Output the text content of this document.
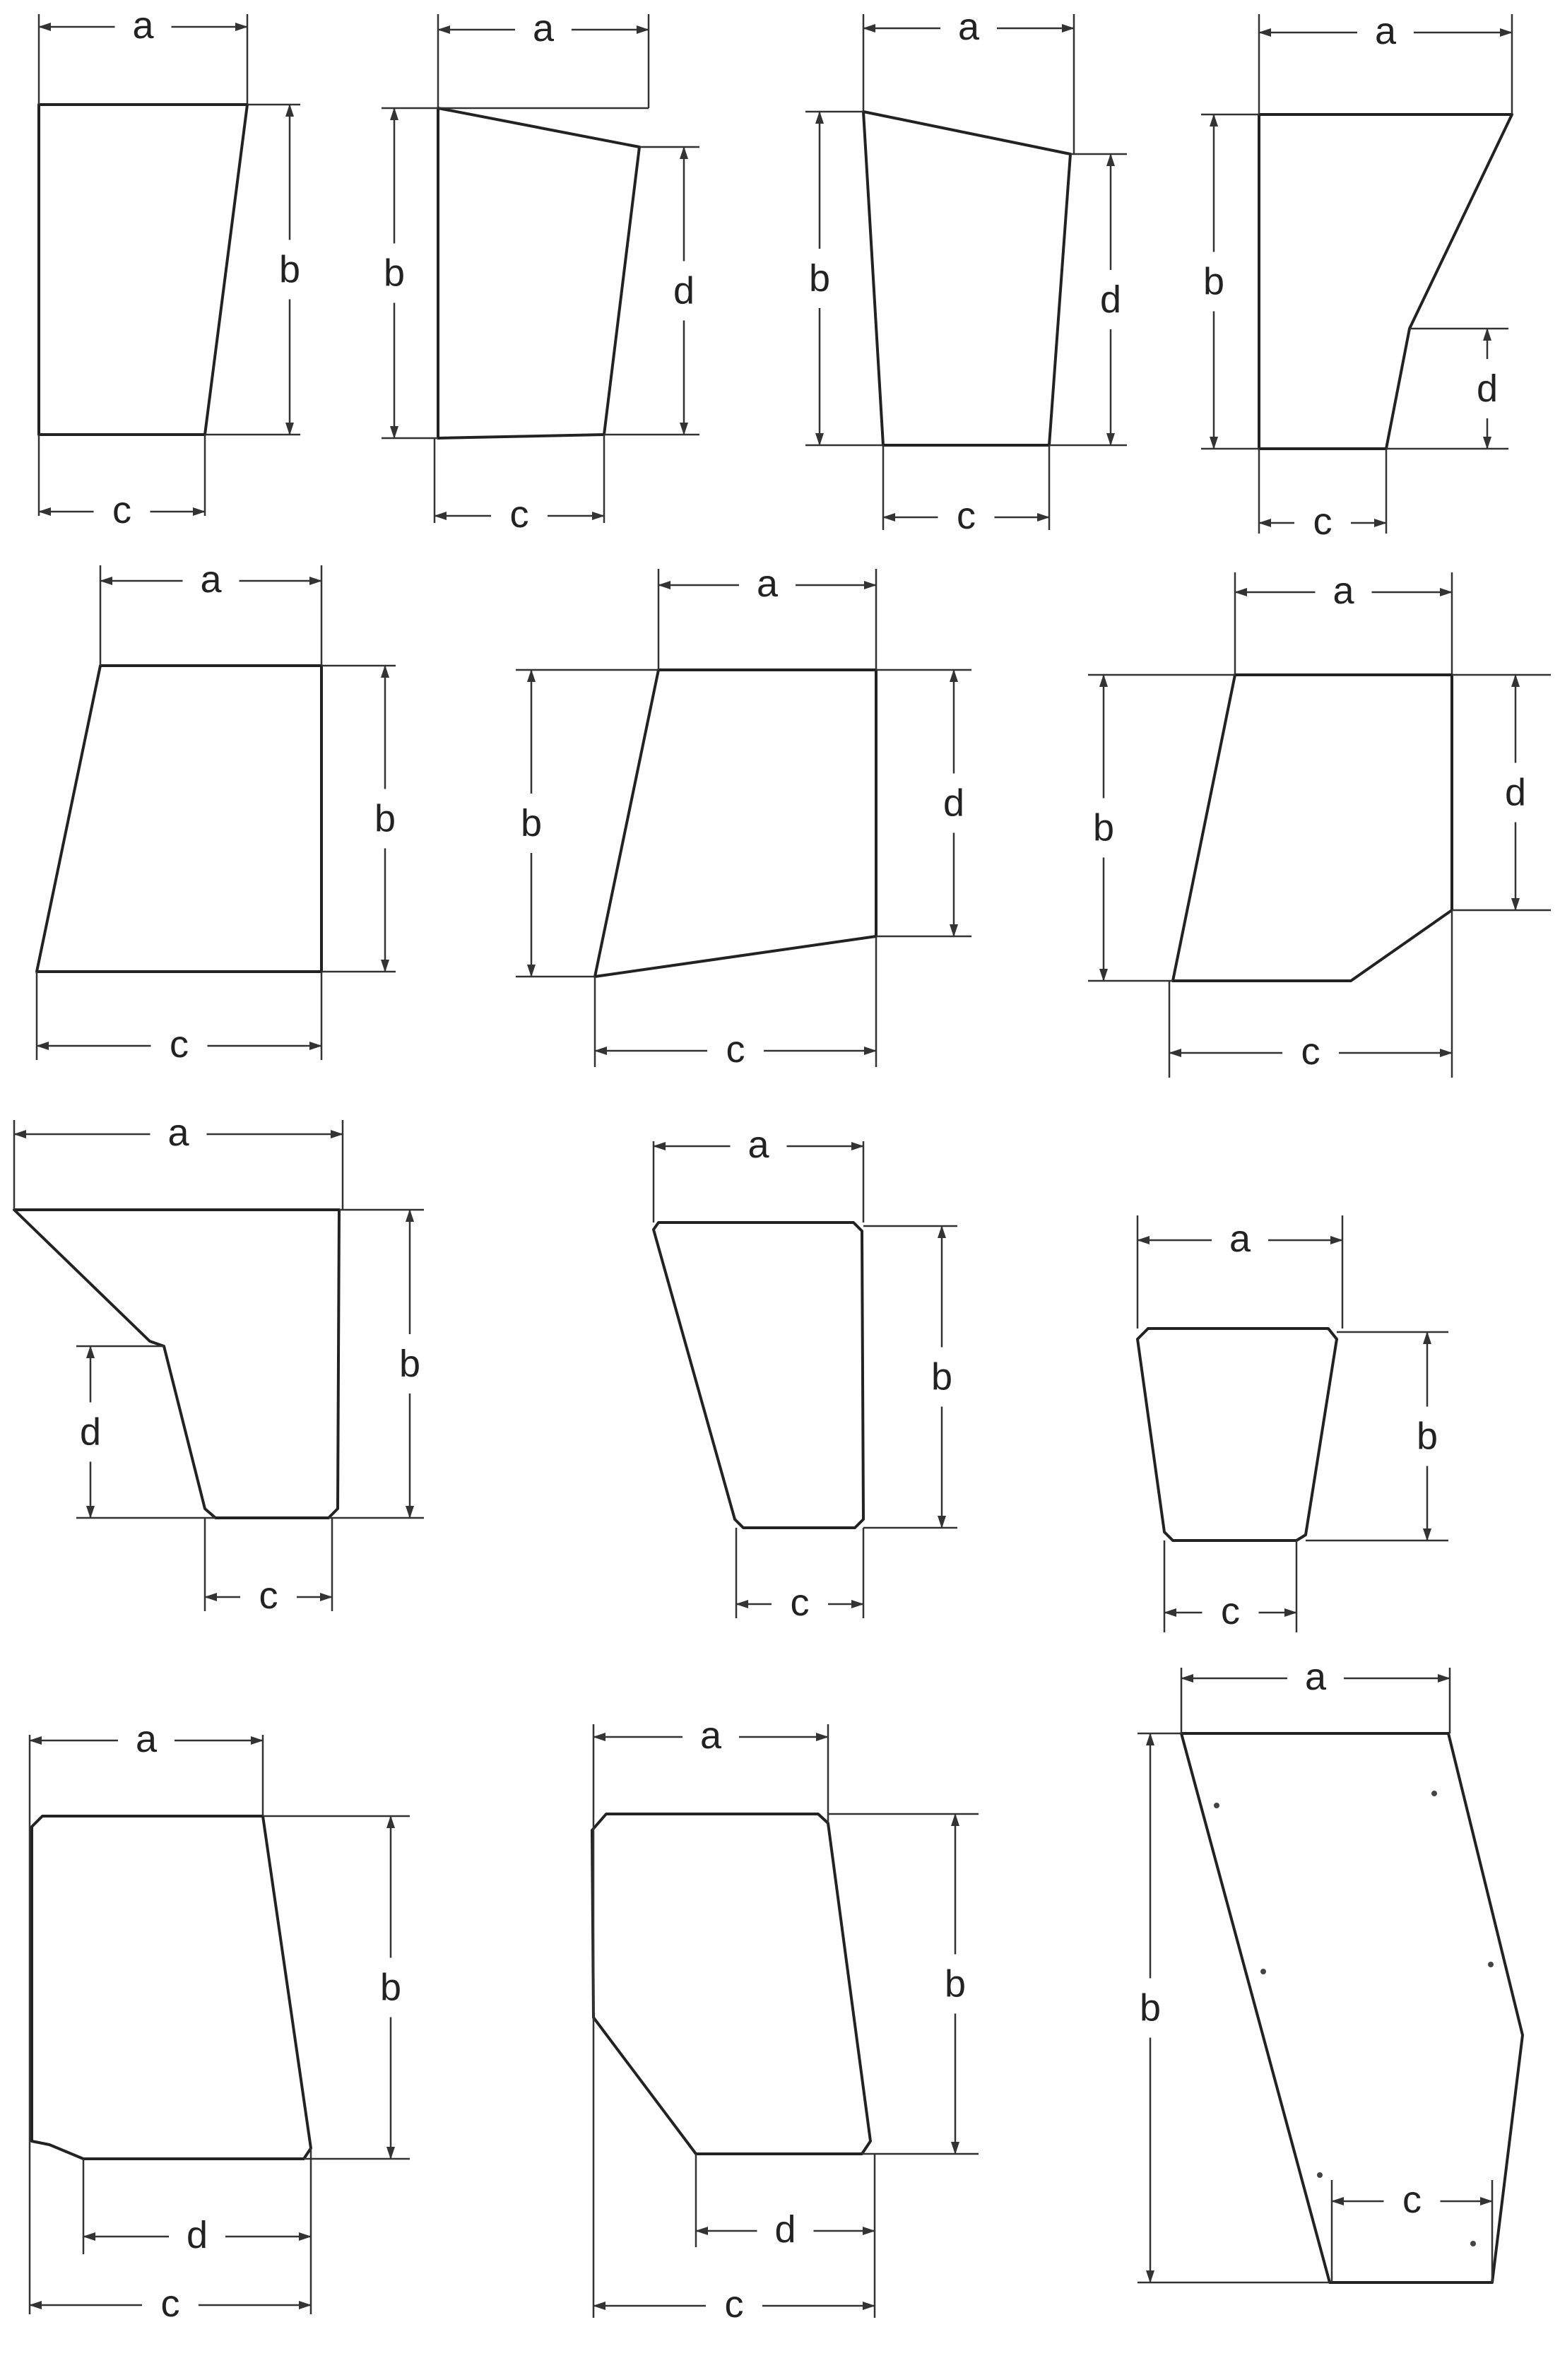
a
b
c
a
b	d
c
a
b	d
c
a
b
d
c
a
b
c
a
b	d
c
a
b
d
c
a
b
d
c
a
b
c
a
b
c
a
b
d
c
a
b
d
c
a
b
c
